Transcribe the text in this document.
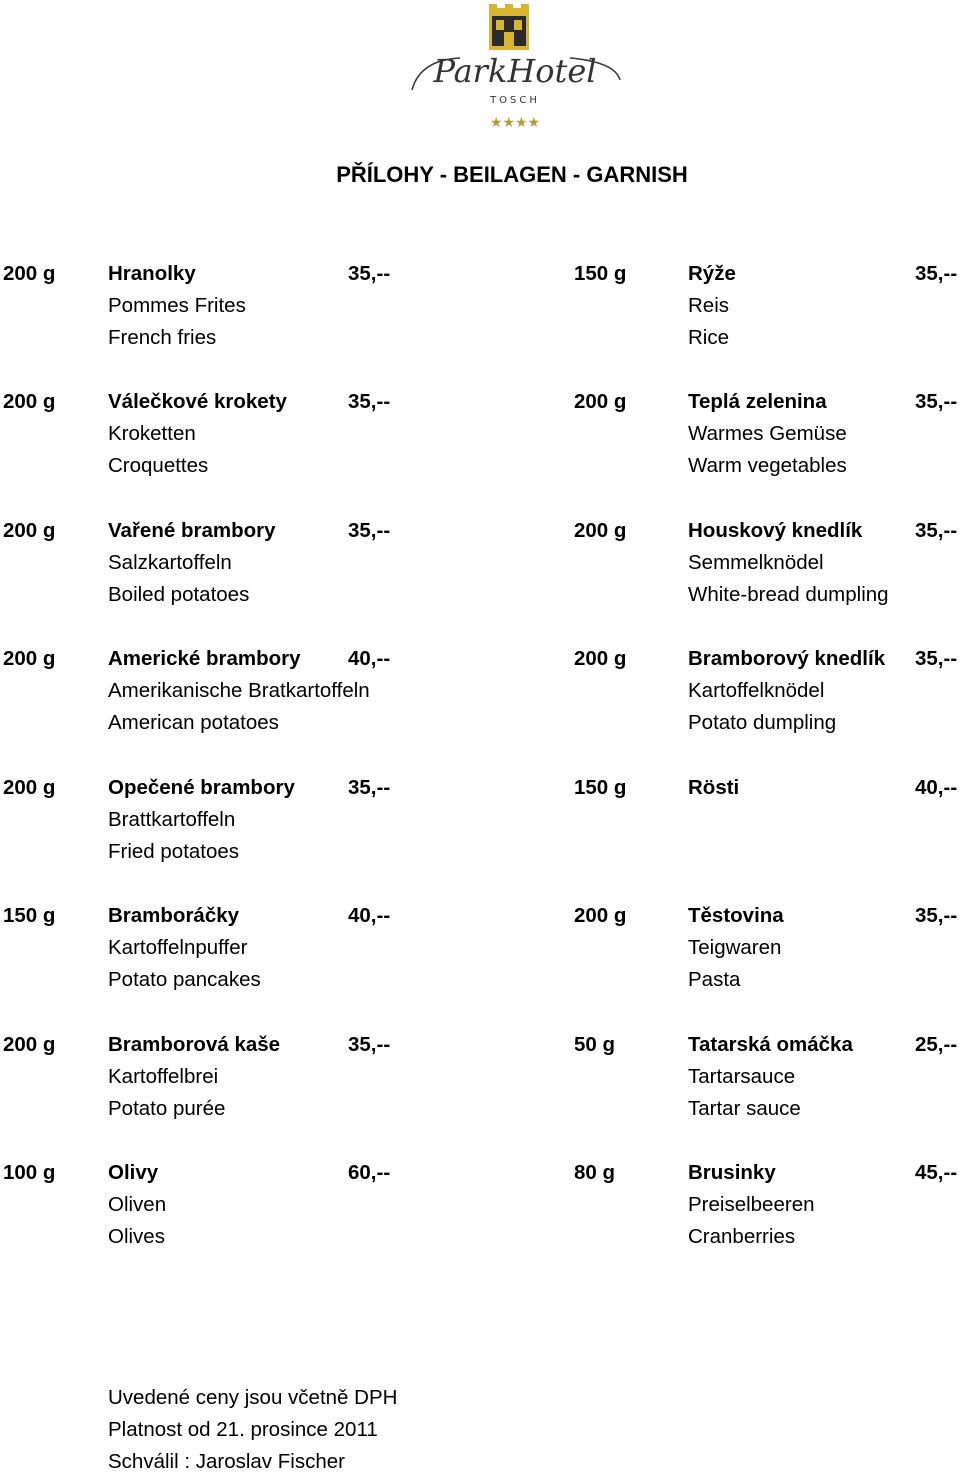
ParkHotel
TOSCH
★★★★
PŘÍLOHY - BEILAGEN - GARNISH
200 g	Hranolky	35,--
Pommes Frites
French fries
200 g	Válečkové krokety	35,--
Kroketten
Croquettes
200 g	Vařené brambory	35,--
Salzkartoffeln
Boiled potatoes
200 g	Americké brambory 40,--
Amerikanische Bratkartoffeln
American potatoes
200 g	Opečené brambory	35,--
Brattkartoffeln
Fried potatoes
150 g	Bramboráčky	40,--
Kartoffelnpuffer
Potato pancakes
200 g	Bramborová kaše	35,--
Kartoffelbrei
Potato purée
100 g	Olivy	60,--
Oliven
Olives
150 g	Rýže	35,--
Reis
Rice
200 g	Teplá zelenina	35,--
Warmes Gemüse
Warm vegetables
200 g	Houskový knedlík	35,--
Semmelknödel
White-bread dumpling
200 g	Bramborový knedlík 35,--
Kartoffelknödel
Potato dumpling
150 g	Rösti	40,--
200 g	Těstovina	35,--
Teigwaren
Pasta
50 g	Tatarská omáčka	25,--
Tartarsauce
Tartar sauce
80 g	Brusinky	45,--
Preiselbeeren
Cranberries
Uvedené ceny jsou včetně DPH
Platnost od 21. prosince 2011
Schválil : Jaroslav Fischer
